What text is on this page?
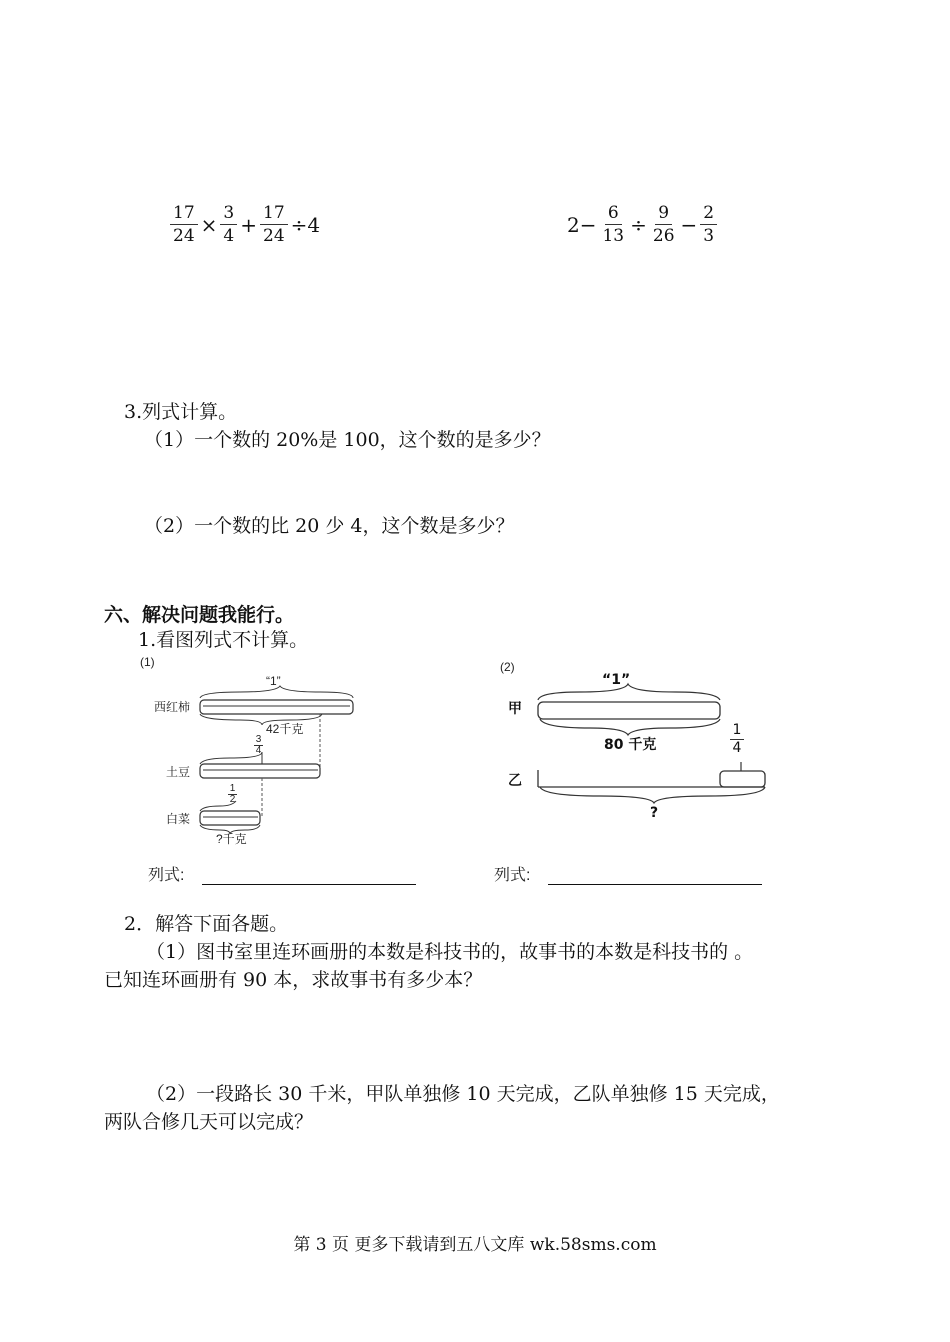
$\frac{17}{24} \times \frac{3}{4} + \frac{17}{24} \div 4$	$2- \frac{6}{13} \div \frac{9}{26} - \frac{2}{3}$
3.列式计算。
（1）一个数的 20%是 100，这个数的是多少？
（2）一个数的比 20 少 4，这个数是多少？
六、解决问题我能行。
1.看图列式不计算。
(1)
西红柿
土豆
白菜
“1”
42千克
3
4
1
2
?千克
列式:
(2)
甲
乙
“1”
80 千克
1
4
?
列式:
2．解答下面各题。
（1）图书室里连环画册的本数是科技书的，故事书的本数是科技书的 。
已知连环画册有 90 本，求故事书有多少本？
（2）一段路长 30 千米，甲队单独修 10 天完成，乙队单独修 15 天完成，
两队合修几天可以完成？
第 3 页 更多下载请到五八文库 wk.58sms.com
